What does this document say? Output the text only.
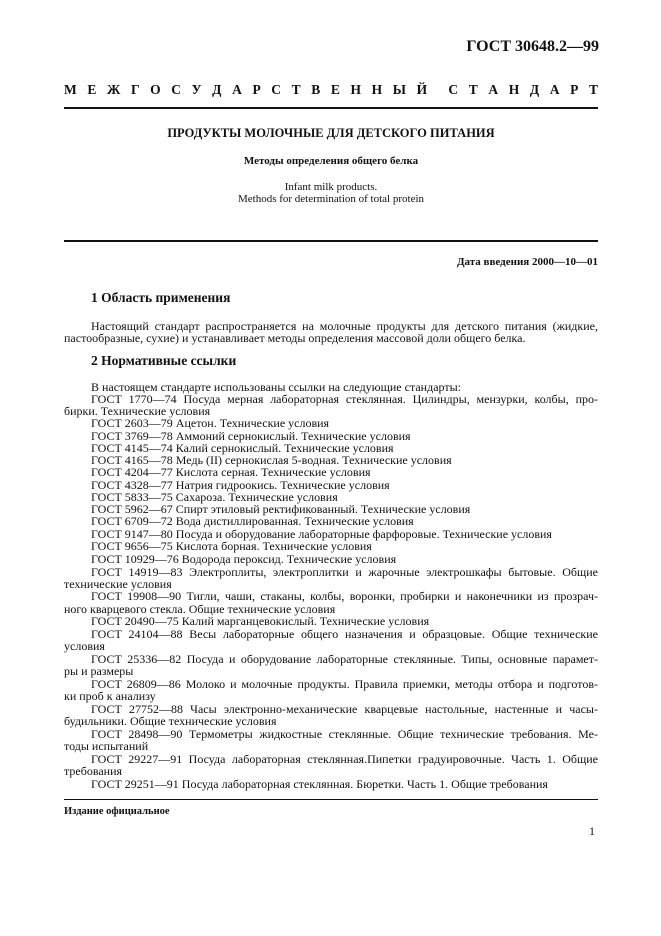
ГОСТ 30648.2—99
М Е Ж Г О С У Д А Р С Т В Е Н Н Ы Й С Т А Н Д А Р Т
ПРОДУКТЫ МОЛОЧНЫЕ ДЛЯ ДЕТСКОГО ПИТАНИЯ
Методы определения общего белка
Infant milk products.
Methods for determination of total protein
Дата введения 2000—10—01
1 Область применения
Настоящий стандарт распространяется на молочные продукты для детского питания (жидкие,
пастообразные, сухие) и устанавливает методы определения массовой доли общего белка.
2 Нормативные ссылки
В настоящем стандарте использованы ссылки на следующие стандарты:
ГОСТ 1770—74 Посуда мерная лабораторная стеклянная. Цилиндры, мензурки, колбы, про-
бирки. Технические условия
ГОСТ 2603—79 Ацетон. Технические условия
ГОСТ 3769—78 Аммоний сернокислый. Технические условия
ГОСТ 4145—74 Калий сернокислый. Технические условия
ГОСТ 4165—78 Медь (II) сернокислая 5-водная. Технические условия
ГОСТ 4204—77 Кислота серная. Технические условия
ГОСТ 4328—77 Натрия гидроокись. Технические условия
ГОСТ 5833—75 Сахароза. Технические условия
ГОСТ 5962—67 Спирт этиловый ректификованный. Технические условия
ГОСТ 6709—72 Вода дистиллированная. Технические условия
ГОСТ 9147—80 Посуда и оборудование лабораторные фарфоровые. Технические условия
ГОСТ 9656—75 Кислота борная. Технические условия
ГОСТ 10929—76 Водорода пероксид. Технические условия
ГОСТ 14919—83 Электроплиты, электроплитки и жарочные электрошкафы бытовые. Общие
технические условия
ГОСТ 19908—90 Тигли, чаши, стаканы, колбы, воронки, пробирки и наконечники из прозрач-
ного кварцевого стекла. Общие технические условия
ГОСТ 20490—75 Калий марганцевокислый. Технические условия
ГОСТ 24104—88 Весы лабораторные общего назначения и образцовые. Общие технические
условия
ГОСТ 25336—82 Посуда и оборудование лабораторные стеклянные. Типы, основные парамет-
ры и размеры
ГОСТ 26809—86 Молоко и молочные продукты. Правила приемки, методы отбора и подготов-
ки проб к анализу
ГОСТ 27752—88 Часы электронно-механические кварцевые настольные, настенные и часы-
будильники. Общие технические условия
ГОСТ 28498—90 Термометры жидкостные стеклянные. Общие технические требования. Ме-
тоды испытаний
ГОСТ 29227—91 Посуда лабораторная стеклянная.Пипетки градуировочные. Часть 1. Общие
требования
ГОСТ 29251—91 Посуда лабораторная стеклянная. Бюретки. Часть 1. Общие требования
Издание официальное
1
